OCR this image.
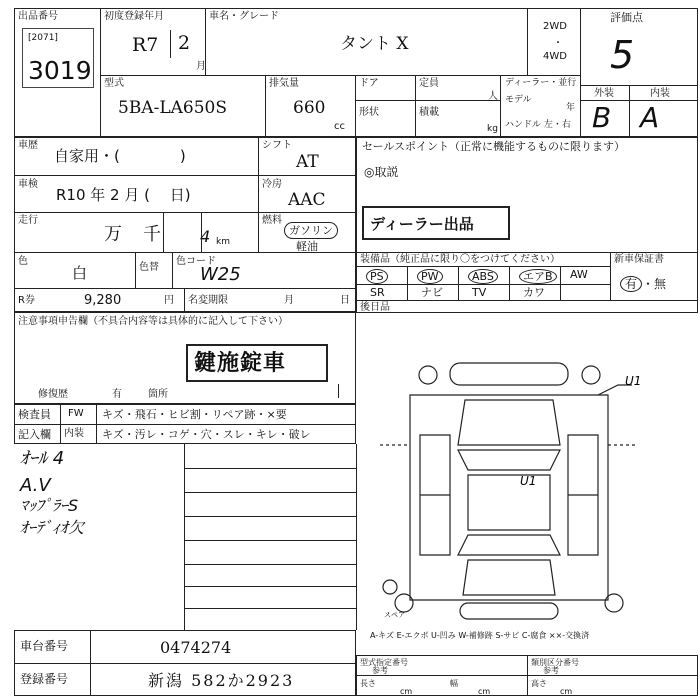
出品番号
[2071]
3019
初度登録年月
R7 2
月
車名・グレード
タント X
2WD
・
4WD
評価点
5
型式
5BA-LA650S
排気量
660
cc
ドア	定員
人
形状	積載
kg
ディーラー・並行
モデル
年
ハンドル 左・右
外装	内装
B A
車歴
自家用・(　　　　)
シフト
AT
車検
R10 年 2 月 (　 日)
冷房
AAC
走行
万 千 4 km
燃料
ガソリン
軽油
色
白	色替
色コード
W25
R券	9,280	円 名変期限	月	日
セールスポイント（正常に機能するものに限ります）
◎取説
ディーラー出品
装備品（純正品に限り〇をつけてください）	新車保証書
有 ・無
PS	PW	ABS	エアB	AW
SR	ナビ	TV	カワ
後日品
注意事項申告欄（不具合内容等は具体的に記入して下さい）
鍵施錠車
修復歴	有	箇所
検査員
記入欄
FW
内装
キズ・飛石・ヒビ割・リペア跡・×要
キズ・汚レ・コゲ・穴・スレ・キレ・破レ
ｵｰﾙ 4
A.V
ﾏｯﾌﾟﾗｰS
ｵｰﾃﾞｨｵ欠
U1
U1
スペア
A-キズ E-エクボ U-凹み W-補修跡 S-サビ C-腐食 ××-交換済
車台番号	0474274
登録番号	新潟 582か2923
型式指定番号
参考
類別区分番号
参考
長さ
cm
幅
cm
高さ
cm
